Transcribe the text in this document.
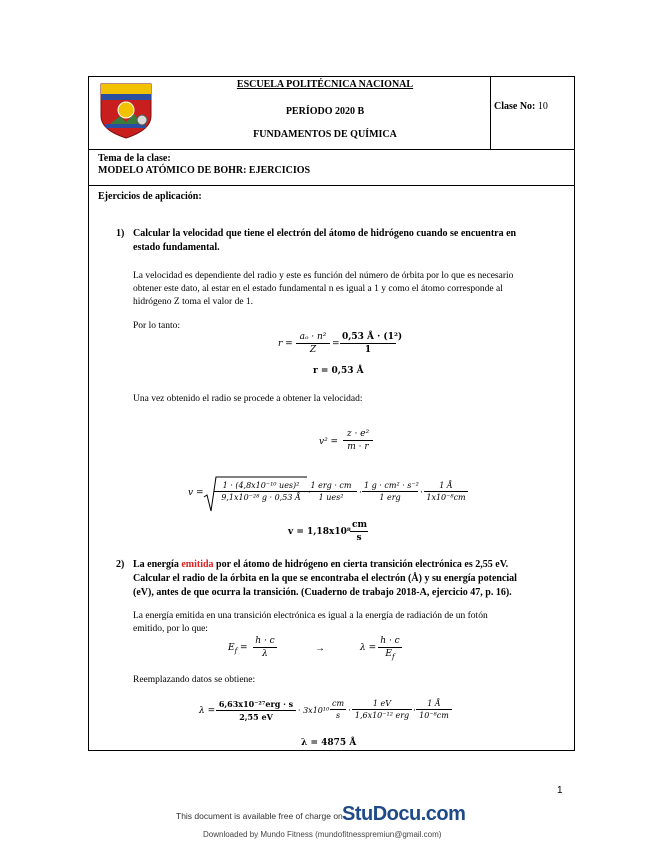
ESCUELA POLITÉCNICA NACIONAL
PERÍODO 2020 B
FUNDAMENTOS DE QUÍMICA
Clase No: 10
Tema de la clase:
MODELO ATÓMICO DE BOHR: EJERCICIOS
Ejercicios de aplicación:
1) Calcular la velocidad que tiene el electrón del átomo de hidrógeno cuando se encuentra en
estado fundamental.
La velocidad es dependiente del radio y este es función del número de órbita por lo que es necesario
obtener este dato, al estar en el estado fundamental n es igual a 1 y como el átomo corresponde al
hidrógeno Z toma el valor de 1.
Por lo tanto:
$r = \frac{\text{aₒ · n²}}{Z} = \frac{\text{0,53 Å · (1²)}}{1}$
r = 0,53 Å
Una vez obtenido el radio se procede a obtener la velocidad:
$v^2 = \frac{\text{z · e²}}{m \cdot r}$
v =
1 · (4,8x10⁻¹⁰ ues)²
9,1x10⁻²⁸ g · 0,53 Å ·
1 erg · cm
1 ues²	·
1 g · cm² · s⁻²
1 erg	· $\frac{1 Å}{\text{1x10⁻⁸cm}}$
$v = 1,18x10^8 \frac{cm}{s}$
2) La energía emitida por el átomo de hidrógeno en cierta transición electrónica es 2,55 eV.
Calcular el radio de la órbita en la que se encontraba el electrón (Å) y su energía potencial
(eV), antes de que ocurra la transición. (Cuaderno de trabajo 2018-A, ejercicio 47, p. 16).
La energía emitida en una transición electrónica es igual a la energía de radiación de un fotón
emitido, por lo que:
$E_f = \frac{h \cdot c}{\lambda}$	→	$\lambda = \frac{h \cdot c}{E_f}$
Reemplazando datos se obtiene:
λ =
6,63x10⁻²⁷erg · s
2,55 eV
· $3x10^{10} \frac{cm}{s}$ ·
1 eV
1,6x10⁻¹² erg · $\frac{1 Å}{\text{10⁻⁸cm}}$
λ = 4875 Å
1
This document is available free of charge on StuDocu.com
Downloaded by Mundo Fitness (mundofitnesspremiun@gmail.com)
